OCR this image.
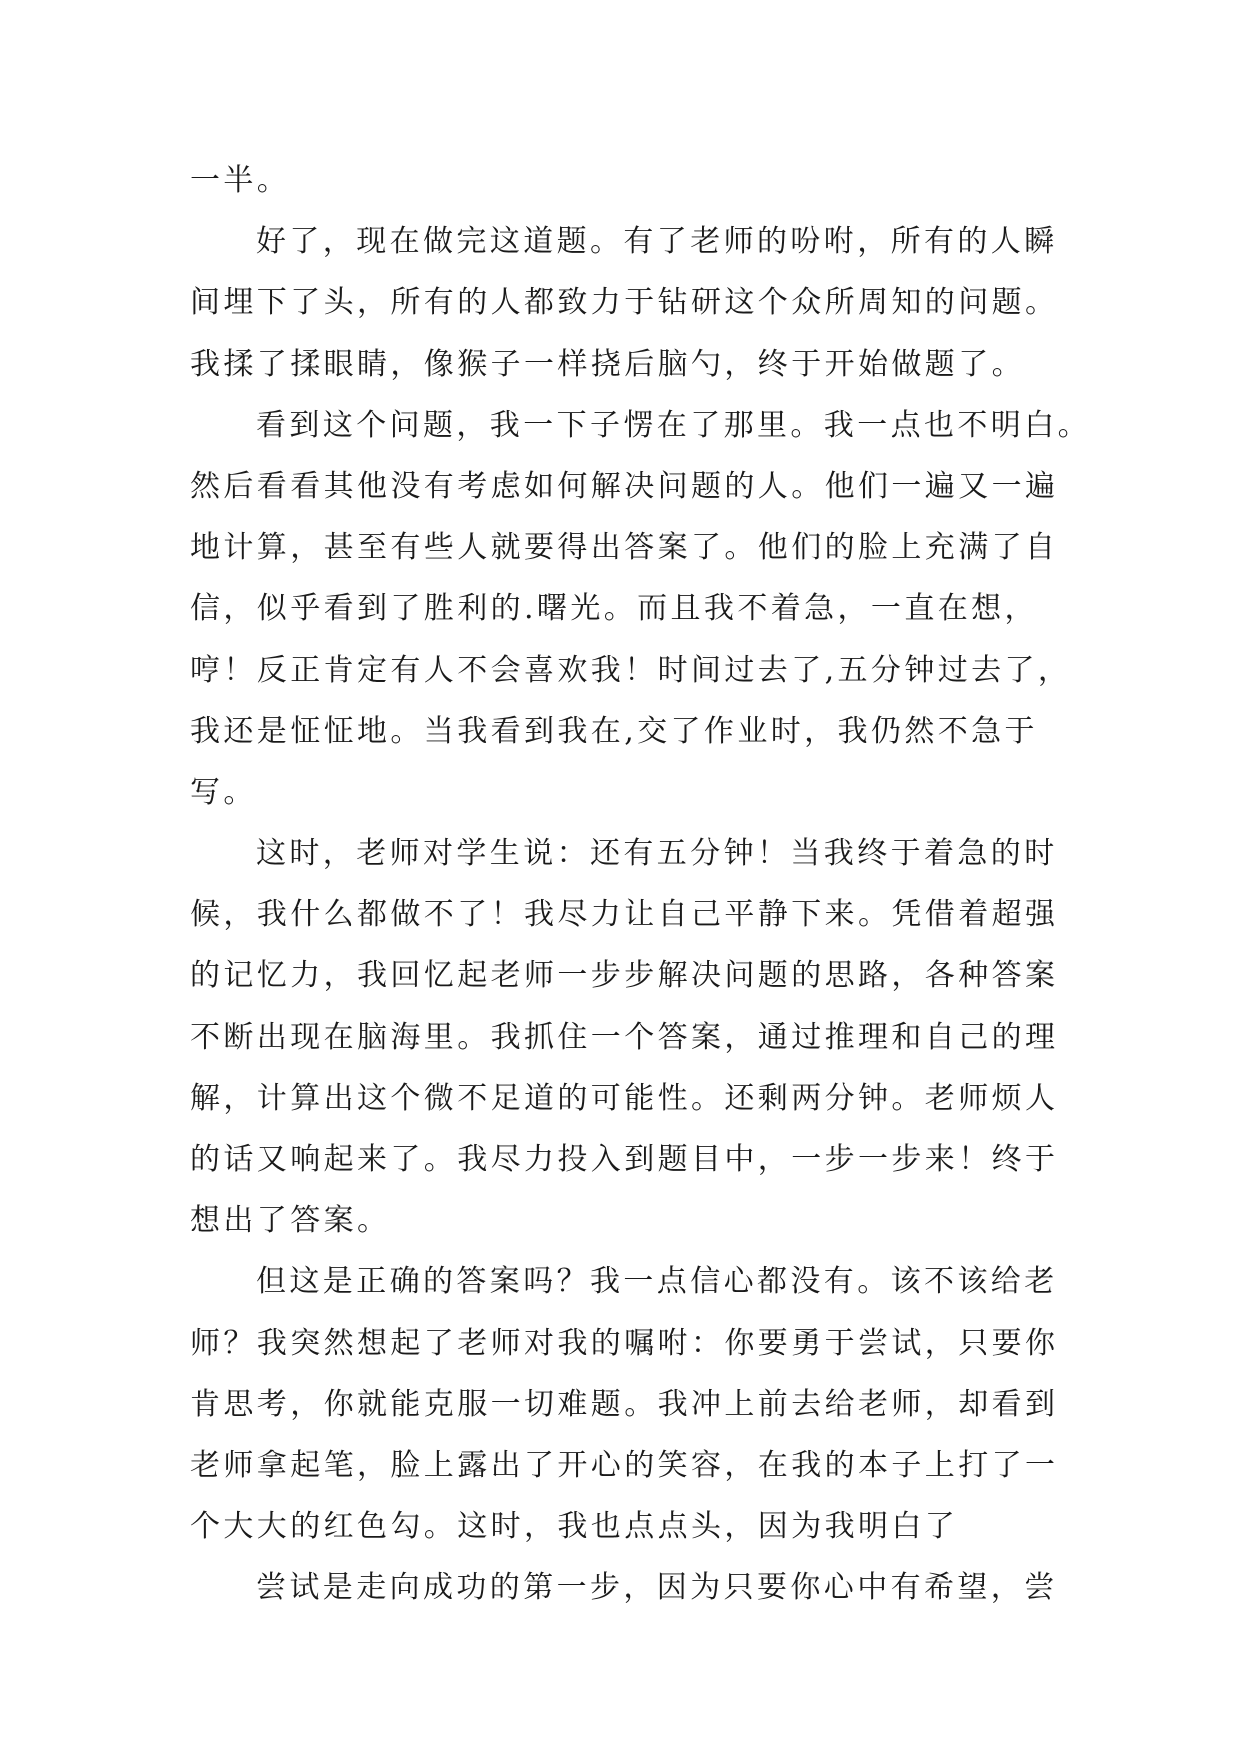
一半。
好了，现在做完这道题。有了老师的吩咐，所有的人瞬
间埋下了头，所有的人都致力于钻研这个众所周知的问题。
我揉了揉眼睛，像猴子一样挠后脑勺，终于开始做题了。
看到这个问题，我一下子愣在了那里。我一点也不明白。
然后看看其他没有考虑如何解决问题的人。他们一遍又一遍
地计算，甚至有些人就要得出答案了。他们的脸上充满了自
信，似乎看到了胜利的.曙光。而且我不着急，一直在想，
哼！反正肯定有人不会喜欢我！时间过去了,五分钟过去了，
我还是怔怔地。当我看到我在,交了作业时，我仍然不急于
写。
这时，老师对学生说：还有五分钟！当我终于着急的时
候，我什么都做不了！我尽力让自己平静下来。凭借着超强
的记忆力，我回忆起老师一步步解决问题的思路，各种答案
不断出现在脑海里。我抓住一个答案，通过推理和自己的理
解，计算出这个微不足道的可能性。还剩两分钟。老师烦人
的话又响起来了。我尽力投入到题目中，一步一步来！终于
想出了答案。
但这是正确的答案吗？我一点信心都没有。该不该给老
师？我突然想起了老师对我的嘱咐：你要勇于尝试，只要你
肯思考，你就能克服一切难题。我冲上前去给老师，却看到
老师拿起笔，脸上露出了开心的笑容，在我的本子上打了一
个大大的红色勾。这时，我也点点头，因为我明白了
尝试是走向成功的第一步，因为只要你心中有希望，尝
